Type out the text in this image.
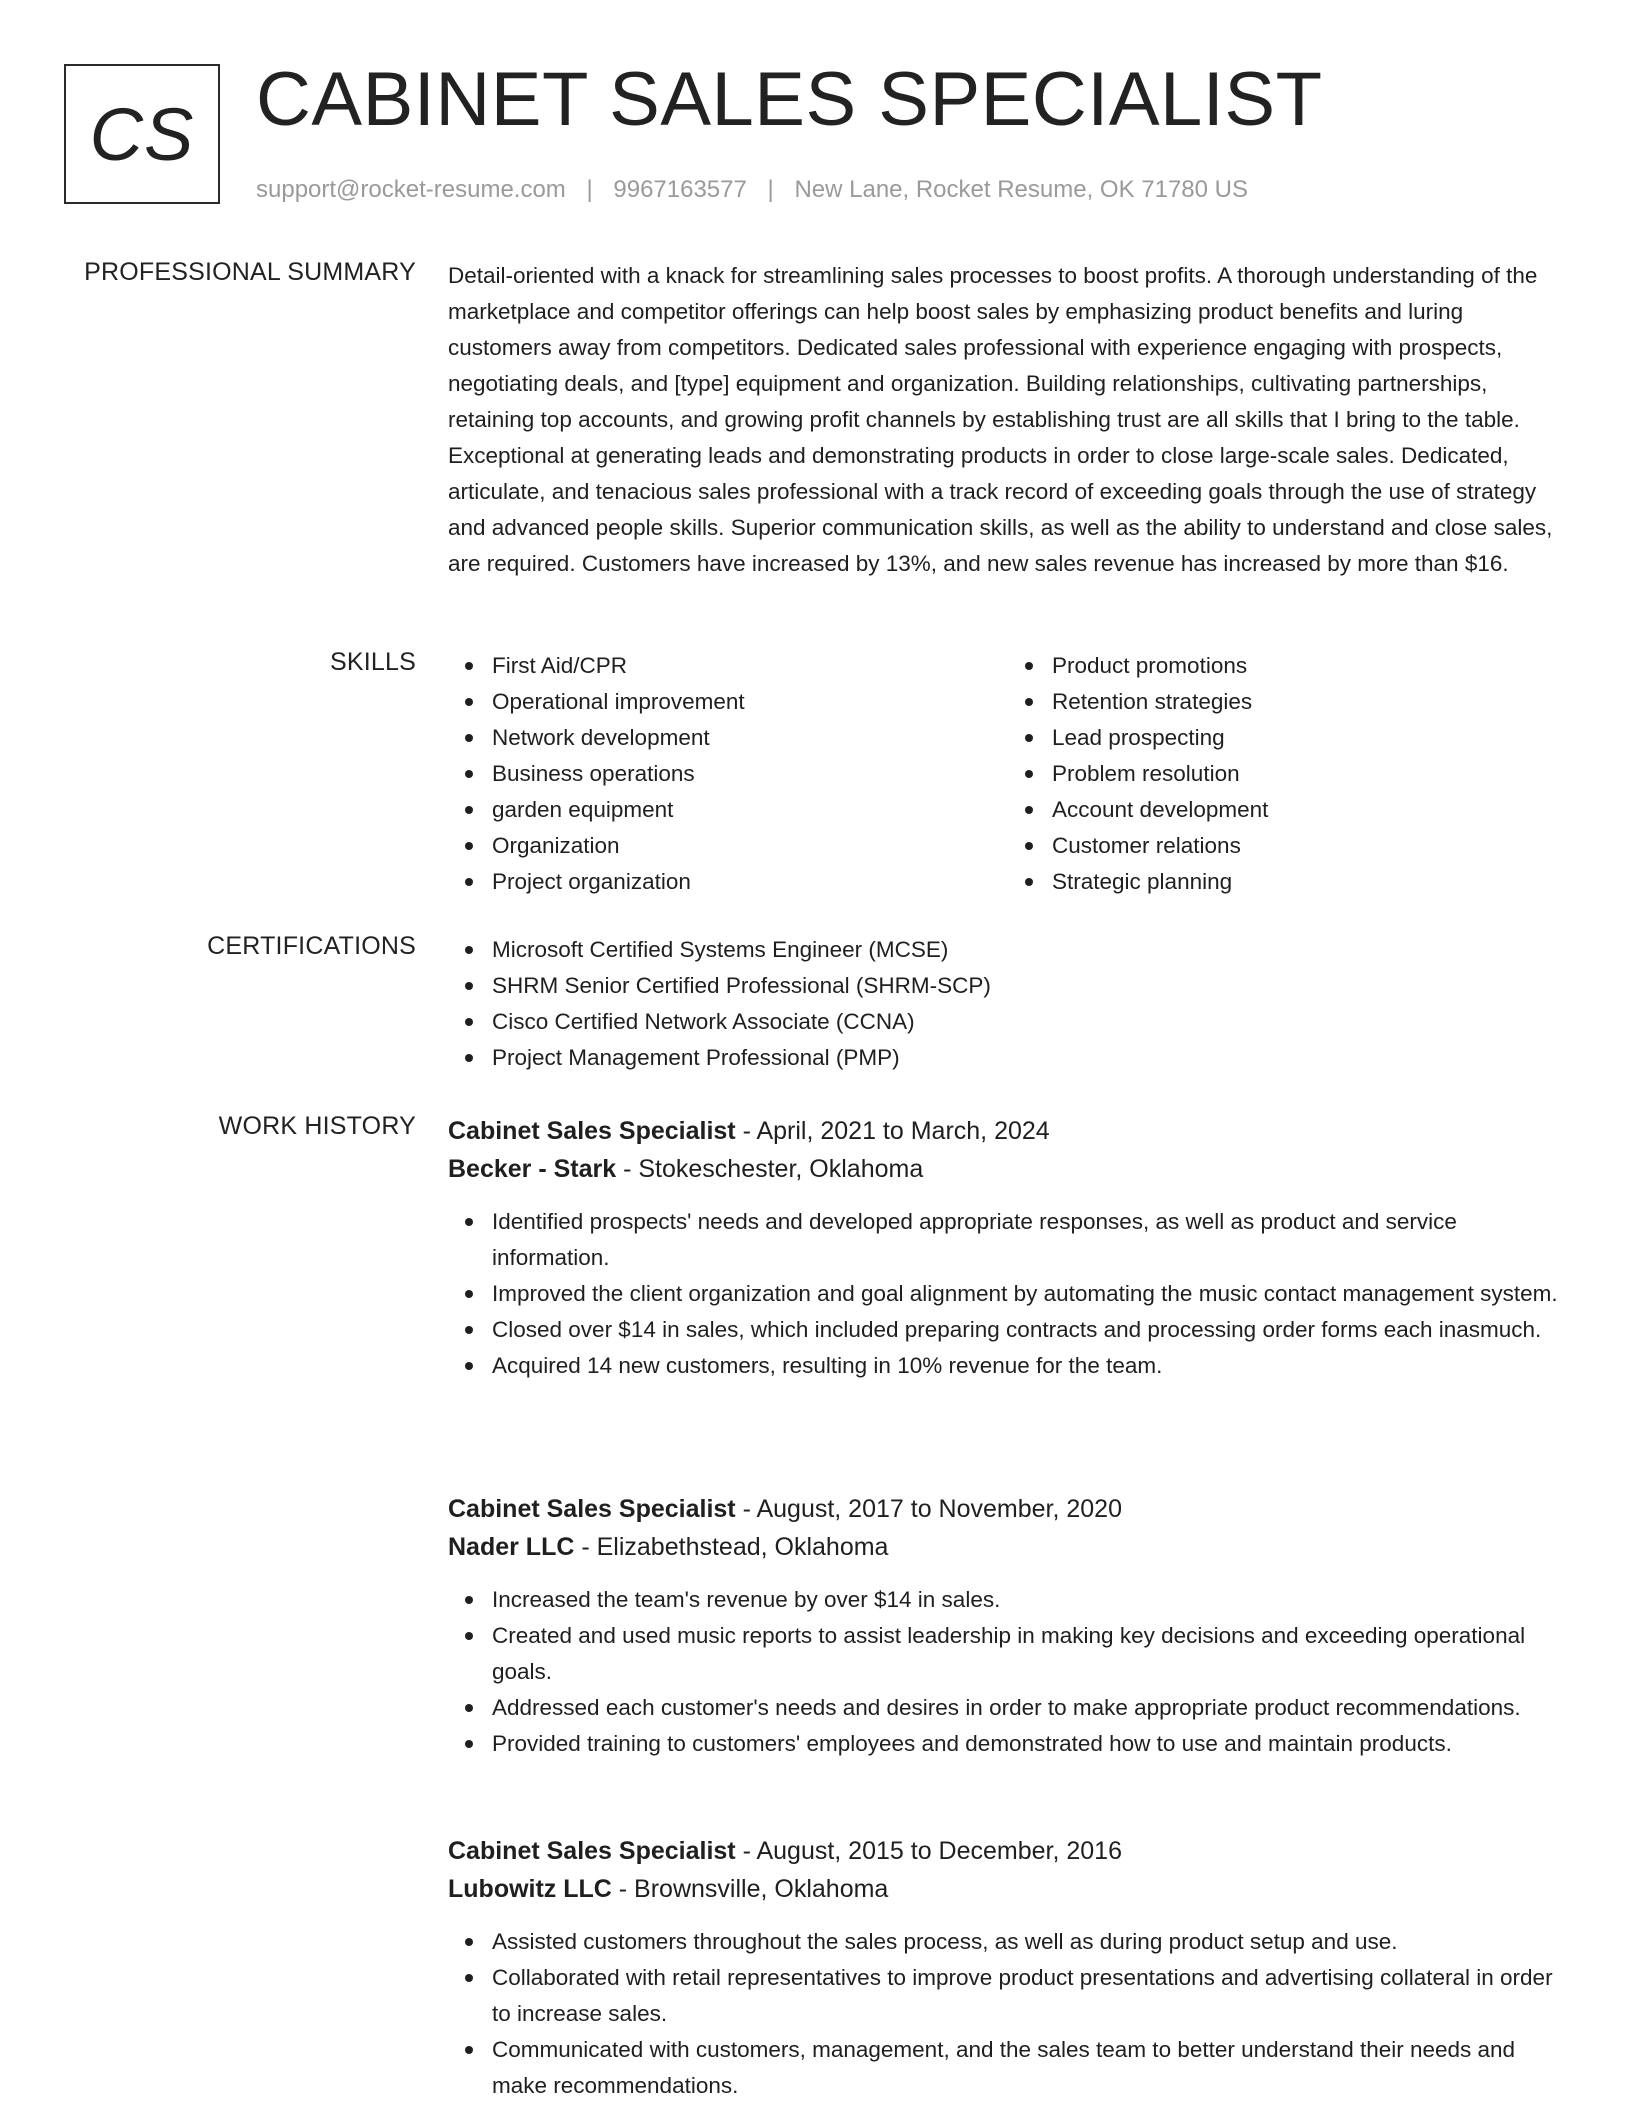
CS CABINET SALES SPECIALIST
support@rocket-resume.com | 9967163577 | New Lane, Rocket Resume, OK 71780 US
PROFESSIONAL SUMMARY Detail-oriented with a knack for streamlining sales processes to boost profits. A thorough understanding of the marketplace and competitor offerings can help boost sales by emphasizing product benefits and luring customers away from competitors. Dedicated sales professional with experience engaging with prospects, negotiating deals, and [type] equipment and organization. Building relationships, cultivating partnerships, retaining top accounts, and growing profit channels by establishing trust are all skills that I bring to the table. Exceptional at generating leads and demonstrating products in order to close large-scale sales. Dedicated, articulate, and tenacious sales professional with a track record of exceeding goals through the use of strategy and advanced people skills. Superior communication skills, as well as the ability to understand and close sales, are required. Customers have increased by 13%, and new sales revenue has increased by more than $16.

SKILLS	First Aid/CPR
Operational improvement
Network development
Business operations
garden equipment
Organization
Project organization
Product promotions
Retention strategies
Lead prospecting
Problem resolution
Account development
Customer relations
Strategic planning
CERTIFICATIONS	Microsoft Certified Systems Engineer (MCSE)
SHRM Senior Certified Professional (SHRM-SCP)
Cisco Certified Network Associate (CCNA)
Project Management Professional (PMP)
WORK HISTORY Cabinet Sales Specialist - April, 2021 to March, 2024
Becker - Stark - Stokeschester, Oklahoma
Identified prospects' needs and developed appropriate responses, as well as product and service information.
Improved the client organization and goal alignment by automating the music contact management system.
Closed over $14 in sales, which included preparing contracts and processing order forms each inasmuch.
Acquired 14 new customers, resulting in 10% revenue for the team.
Cabinet Sales Specialist - August, 2017 to November, 2020
Nader LLC - Elizabethstead, Oklahoma
Increased the team's revenue by over $14 in sales.
Created and used music reports to assist leadership in making key decisions and exceeding operational goals.
Addressed each customer's needs and desires in order to make appropriate product recommendations.
Provided training to customers' employees and demonstrated how to use and maintain products.
Cabinet Sales Specialist - August, 2015 to December, 2016
Lubowitz LLC - Brownsville, Oklahoma
Assisted customers throughout the sales process, as well as during product setup and use.
Collaborated with retail representatives to improve product presentations and advertising collateral in order to increase sales.
Communicated with customers, management, and the sales team to better understand their needs and make recommendations.
